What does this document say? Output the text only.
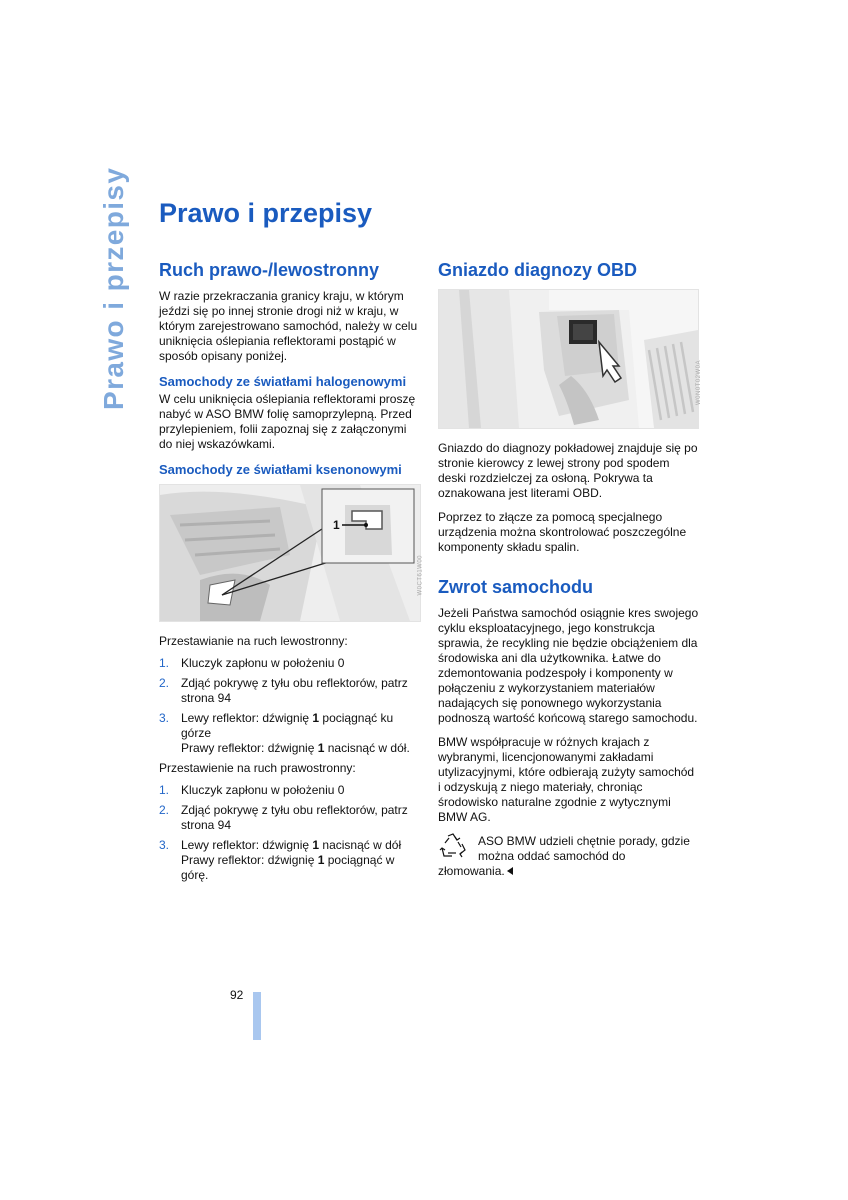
Prawo i przepisy Prawo i przepisy
Ruch prawo-/lewostronny

W razie przekraczania granicy kraju, w którym jeździ się po innej stronie drogi niż w kraju, w którym zarejestrowano samochód, należy w celu uniknięcia oślepiania reflektorami postąpić w sposób opisany poniżej.

Samochody ze światłami halogenowymi

W celu uniknięcia oślepiania reflektorami proszę nabyć w ASO BMW folię samoprzylepną. Przed przylepieniem, folii zapoznaj się z załączonymi do niej wskazówkami.

Samochody ze światłami ksenonowymi
1
W0CT61W00

Przestawianie na ruch lewostronny:

1. Kluczyk zapłonu w położeniu 0
2. Zdjąć pokrywę z tyłu obu reflektorów, patrz strona 94
3. Lewy reflektor: dźwignię 1 pociągnąć ku górze
Prawy reflektor: dźwignię 1 nacisnąć w dół.

Przestawienie na ruch prawostronny:

1. Kluczyk zapłonu w położeniu 0
2. Zdjąć pokrywę z tyłu obu reflektorów, patrz strona 94
3. Lewy reflektor: dźwignię 1 nacisnąć w dół
Prawy reflektor: dźwignię 1 pociągnąć w górę.
Gniazdo diagnozy OBD
W0N0T02W0A

Gniazdo do diagnozy pokładowej znajduje się po stronie kierowcy z lewej strony pod spodem deski rozdzielczej za osłoną. Pokrywa ta oznakowana jest literami OBD.

Poprzez to złącze za pomocą specjalnego urządzenia można skontrolować poszczególne komponenty składu spalin.

Zwrot samochodu

Jeżeli Państwa samochód osiągnie kres swojego cyklu eksploatacyjnego, jego konstrukcja sprawia, że recykling nie będzie obciążeniem dla środowiska ani dla użytkownika. Łatwe do zdemontowania podzespoły i komponenty w połączeniu z wykorzystaniem materiałów nadających się ponownego wykorzystania podnoszą wartość końcową starego samochodu.

BMW współpracuje w różnych krajach z wybranymi, licencjonowanymi zakładami utylizacyjnymi, które odbierają zużyty samochód i odzyskują z niego materiały, chroniąc środowisko naturalne zgodnie z wytycznymi BMW AG.

ASO BMW udzieli chętnie porady, gdzie można oddać samochód do
złomowania.
92
